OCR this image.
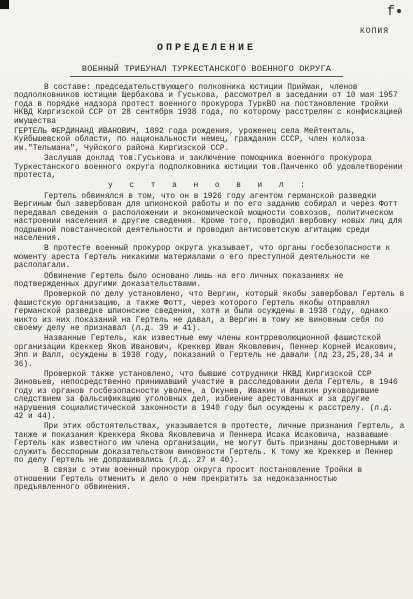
f
КОПИЯ
ОПРЕДЕЛЕНИЕ
ВОЕННЫЙ ТРИБУНАЛ ТУРКЕСТАНСКОГО ВОЕННОГО ОКРУГА

В составе: председательствующего полковника юстиции Приймак, членов подполковников юстиции Щербакова и Гуськова, рассмотрел в заседании от 10 мая 1957 года в порядке надзора протест военного прокурора ТуркВО на постановление тройки НКВД Киргизской ССР от 28 сентября 1938 года, по которому расстрелян с конфискацией имущества

ГЕРТЕЛЬ ФЕРДИНАНД ИВАНОВИЧ, 1892 года рождения, уроженец села Мейтенталь, Куйбышевской области, по национальности немец, гражданин СССР, член колхоза им."Тельмана", Чуйского района Киргизской ССР.

Заслушав доклад тов.Гуськова и заключение помощника военного прокурора Туркестанского военного округа подполковника юстиции тов.Панченко об удовлетворении протеста,

у с т а н о в и л :

Гертель обвинялся в том, что он в 1926 году агентом германской разведки Вергиным был завербован для шпионской работы и по его заданию собирал и через Фотт передавал сведения о расположении и экономической мощности совхозов, политическом настроении населения и другие сведения. Кроме того, проводил вербовку новых лиц для подрывной повстанческой деятельности и проводил антисоветскую агитацию среди населения.

В протесте военный прокурор округа указывает, что органы госбезопасности к моменту ареста Гертель никакими материалами о его преступной деятельности не располагали.

Обвинение Гертель было основано лишь на его личных показаниях не подтвержденных другими доказательствами.

Проверкой по делу установлено, что Вергин, который якобы завербовал Гертель в фашистскую организацию, а также Фотт, через которого Гертель якобы отправлял германской разведке шпионские сведения, хотя и были осуждены в 1938 году, однако никто из них показаний на Гертель не давал, а Вергин в тому же виновным себя по своему делу не признавал (л.д. 39 и 41).

Названные Гертель, как известные ему члены контрреволюционной фашистской организации Креккер Яков Иванович, Креккер Иван Яковлевич, Пеннер Корней Исакович, Эпп и Валл, осуждены в 1938 году, показаний о Гертель не давали (лд 23,25,28,34 и 36).

Проверкой также установлено, что бывшие сотрудники НКВД Киргизской ССР Зиновьев, непосредственно принимавший участие в расследовании дела Гертель, в 1946 году из органов госбезопасности уволен, а Окунев, Ивакин и Ишакин руководившие следствием за фальсификацию уголовных дел, избиение арестованных и за другие нарушения социалистической законности в 1940 году был осуждены к расстрелу. (л.д. 42 и 44).

При этих обстоятельствах, указывается в протесте, личные признания Гертель, а также и показания Креккера Якова Яковлевича и Пеннера Исака Исаковича, назвавшие Гертель как известного им члена организации, не могут быть признаны достоверными и служить бесспорным доказательством виновности Гертель. К тому же Креккер и Пеннер по делу Гертель не допрашивались (л.д. 27 и 40).

В связи с этим военный прокурор округа просит постановление Тройки в отношении Гертель отменить и дело о нем прекратить за недоказанностью предъявленного обвинения.
